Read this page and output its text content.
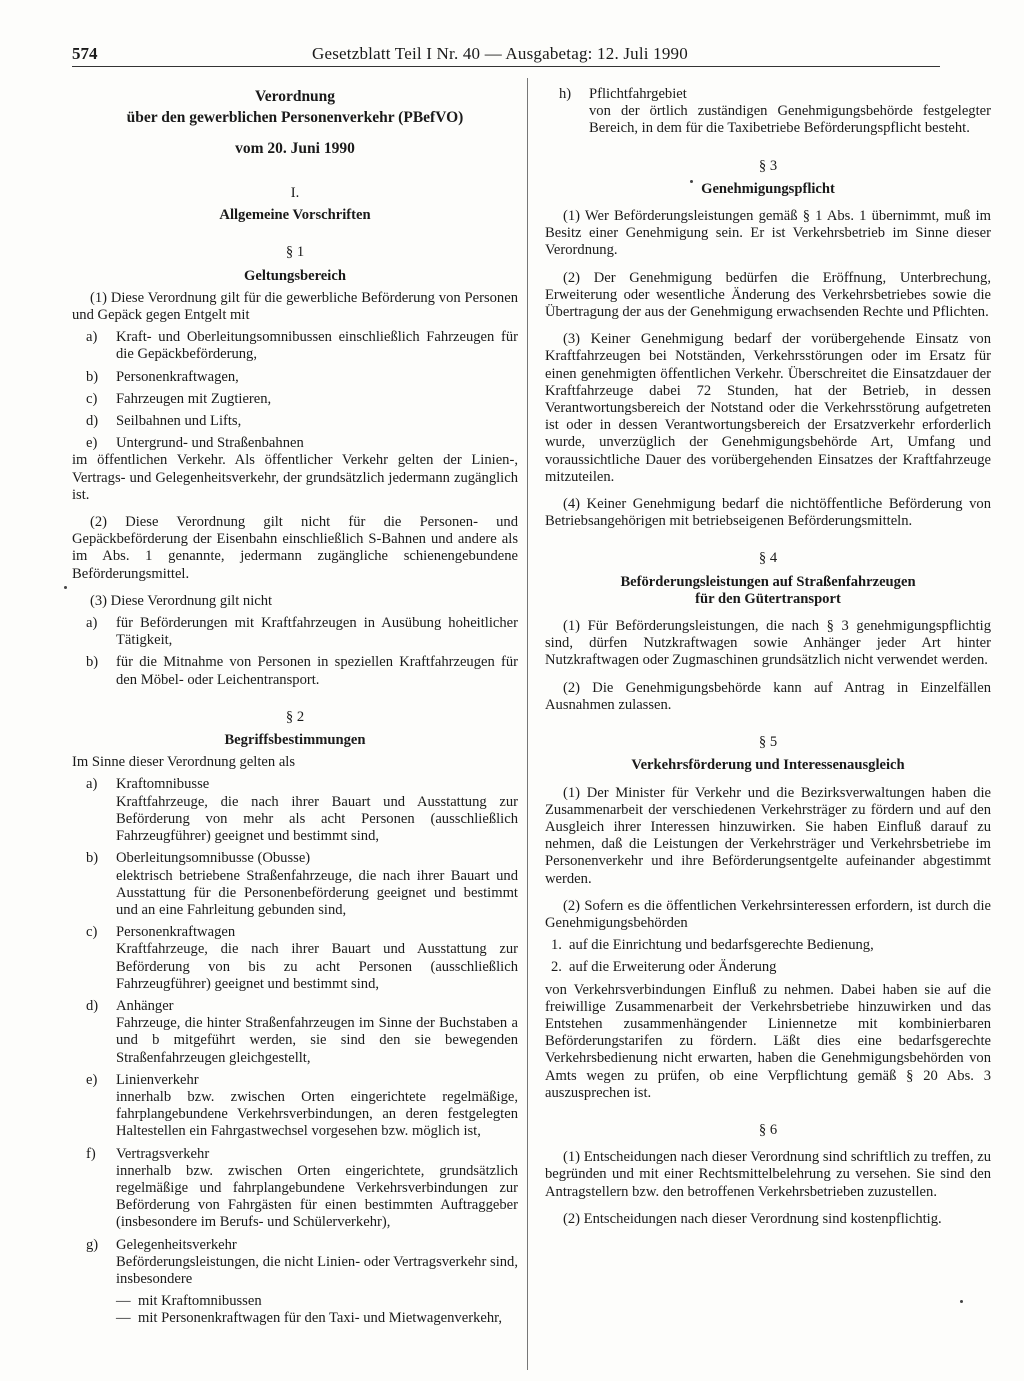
574	Gesetzblatt Teil I Nr. 40 — Ausgabetag: 12. Juli 1990
Verordnung
über den gewerblichen Personenverkehr (PBefVO)
vom 20. Juni 1990
I.
Allgemeine Vorschriften
§ 1
Geltungsbereich
(1) Diese Verordnung gilt für die gewerbliche Beförderung von Personen und Gepäck gegen Entgelt mit
a) Kraft- und Oberleitungsomnibussen einschließlich Fahrzeugen für die Gepäckbeförderung,
b) Personenkraftwagen,
c) Fahrzeugen mit Zugtieren,
d) Seilbahnen und Lifts,
e) Untergrund- und Straßenbahnen
im öffentlichen Verkehr. Als öffentlicher Verkehr gelten der Linien-, Vertrags- und Gelegenheitsverkehr, der grundsätzlich jedermann zugänglich ist.
(2) Diese Verordnung gilt nicht für die Personen- und Gepäckbeförderung der Eisenbahn einschließlich S-Bahnen und andere als im Abs. 1 genannte, jedermann zugängliche schienengebundene Beförderungsmittel.
(3) Diese Verordnung gilt nicht
a) für Beförderungen mit Kraftfahrzeugen in Ausübung hoheitlicher Tätigkeit,
b) für die Mitnahme von Personen in speziellen Kraftfahrzeugen für den Möbel- oder Leichentransport.
§ 2
Begriffsbestimmungen
Im Sinne dieser Verordnung gelten als
a) Kraftomnibusse
Kraftfahrzeuge, die nach ihrer Bauart und Ausstattung zur Beförderung von mehr als acht Personen (ausschließlich Fahrzeugführer) geeignet und bestimmt sind,
b) Oberleitungsomnibusse (Obusse)
elektrisch betriebene Straßenfahrzeuge, die nach ihrer Bauart und Ausstattung für die Personenbeförderung geeignet und bestimmt und an eine Fahrleitung gebunden sind,
c) Personenkraftwagen
Kraftfahrzeuge, die nach ihrer Bauart und Ausstattung zur Beförderung von bis zu acht Personen (ausschließlich Fahrzeugführer) geeignet und bestimmt sind,
d) Anhänger
Fahrzeuge, die hinter Straßenfahrzeugen im Sinne der Buchstaben a und b mitgeführt werden, sie sind den sie bewegenden Straßenfahrzeugen gleichgestellt,
e) Linienverkehr
innerhalb bzw. zwischen Orten eingerichtete regelmäßige, fahrplangebundene Verkehrsverbindungen, an deren festgelegten Haltestellen ein Fahrgastwechsel vorgesehen bzw. möglich ist,
f) Vertragsverkehr
innerhalb bzw. zwischen Orten eingerichtete, grundsätzlich regelmäßige und fahrplangebundene Verkehrsverbindungen zur Beförderung von Fahrgästen für einen bestimmten Auftraggeber (insbesondere im Berufs- und Schülerverkehr),
g) Gelegenheitsverkehr
Beförderungsleistungen, die nicht Linien- oder Vertragsverkehr sind, insbesondere
— mit Kraftomnibussen
— mit Personenkraftwagen für den Taxi- und Mietwagenverkehr,
h) Pflichtfahrgebiet
von der örtlich zuständigen Genehmigungsbehörde festgelegter Bereich, in dem für die Taxibetriebe Beförderungspflicht besteht.
§ 3
Genehmigungspflicht
(1) Wer Beförderungsleistungen gemäß § 1 Abs. 1 übernimmt, muß im Besitz einer Genehmigung sein. Er ist Verkehrsbetrieb im Sinne dieser Verordnung.
(2) Der Genehmigung bedürfen die Eröffnung, Unterbrechung, Erweiterung oder wesentliche Änderung des Verkehrsbetriebes sowie die Übertragung der aus der Genehmigung erwachsenden Rechte und Pflichten.
(3) Keiner Genehmigung bedarf der vorübergehende Einsatz von Kraftfahrzeugen bei Notständen, Verkehrsstörungen oder im Ersatz für einen genehmigten öffentlichen Verkehr. Überschreitet die Einsatzdauer der Kraftfahrzeuge dabei 72 Stunden, hat der Betrieb, in dessen Verantwortungsbereich der Notstand oder die Verkehrsstörung aufgetreten ist oder in dessen Verantwortungsbereich der Ersatzverkehr erforderlich wurde, unverzüglich der Genehmigungsbehörde Art, Umfang und voraussichtliche Dauer des vorübergehenden Einsatzes der Kraftfahrzeuge mitzuteilen.
(4) Keiner Genehmigung bedarf die nichtöffentliche Beförderung von Betriebsangehörigen mit betriebseigenen Beförderungsmitteln.
§ 4
Beförderungsleistungen auf Straßenfahrzeugen
für den Gütertransport
(1) Für Beförderungsleistungen, die nach § 3 genehmigungspflichtig sind, dürfen Nutzkraftwagen sowie Anhänger jeder Art hinter Nutzkraftwagen oder Zugmaschinen grundsätzlich nicht verwendet werden.
(2) Die Genehmigungsbehörde kann auf Antrag in Einzelfällen Ausnahmen zulassen.
§ 5
Verkehrsförderung und Interessenausgleich
(1) Der Minister für Verkehr und die Bezirksverwaltungen haben die Zusammenarbeit der verschiedenen Verkehrsträger zu fördern und auf den Ausgleich ihrer Interessen hinzuwirken. Sie haben Einfluß darauf zu nehmen, daß die Leistungen der Verkehrsträger und Verkehrsbetriebe im Personenverkehr und ihre Beförderungsentgelte aufeinander abgestimmt werden.
(2) Sofern es die öffentlichen Verkehrsinteressen erfordern, ist durch die Genehmigungsbehörden
1. auf die Einrichtung und bedarfsgerechte Bedienung,
2. auf die Erweiterung oder Änderung
von Verkehrsverbindungen Einfluß zu nehmen. Dabei haben sie auf die freiwillige Zusammenarbeit der Verkehrsbetriebe hinzuwirken und das Entstehen zusammenhängender Liniennetze mit kombinierbaren Beförderungstarifen zu fördern. Läßt dies eine bedarfsgerechte Verkehrsbedienung nicht erwarten, haben die Genehmigungsbehörden von Amts wegen zu prüfen, ob eine Verpflichtung gemäß § 20 Abs. 3 auszusprechen ist.
§ 6
(1) Entscheidungen nach dieser Verordnung sind schriftlich zu treffen, zu begründen und mit einer Rechtsmittelbelehrung zu versehen. Sie sind den Antragstellern bzw. den betroffenen Verkehrsbetrieben zuzustellen.
(2) Entscheidungen nach dieser Verordnung sind kostenpflichtig.
